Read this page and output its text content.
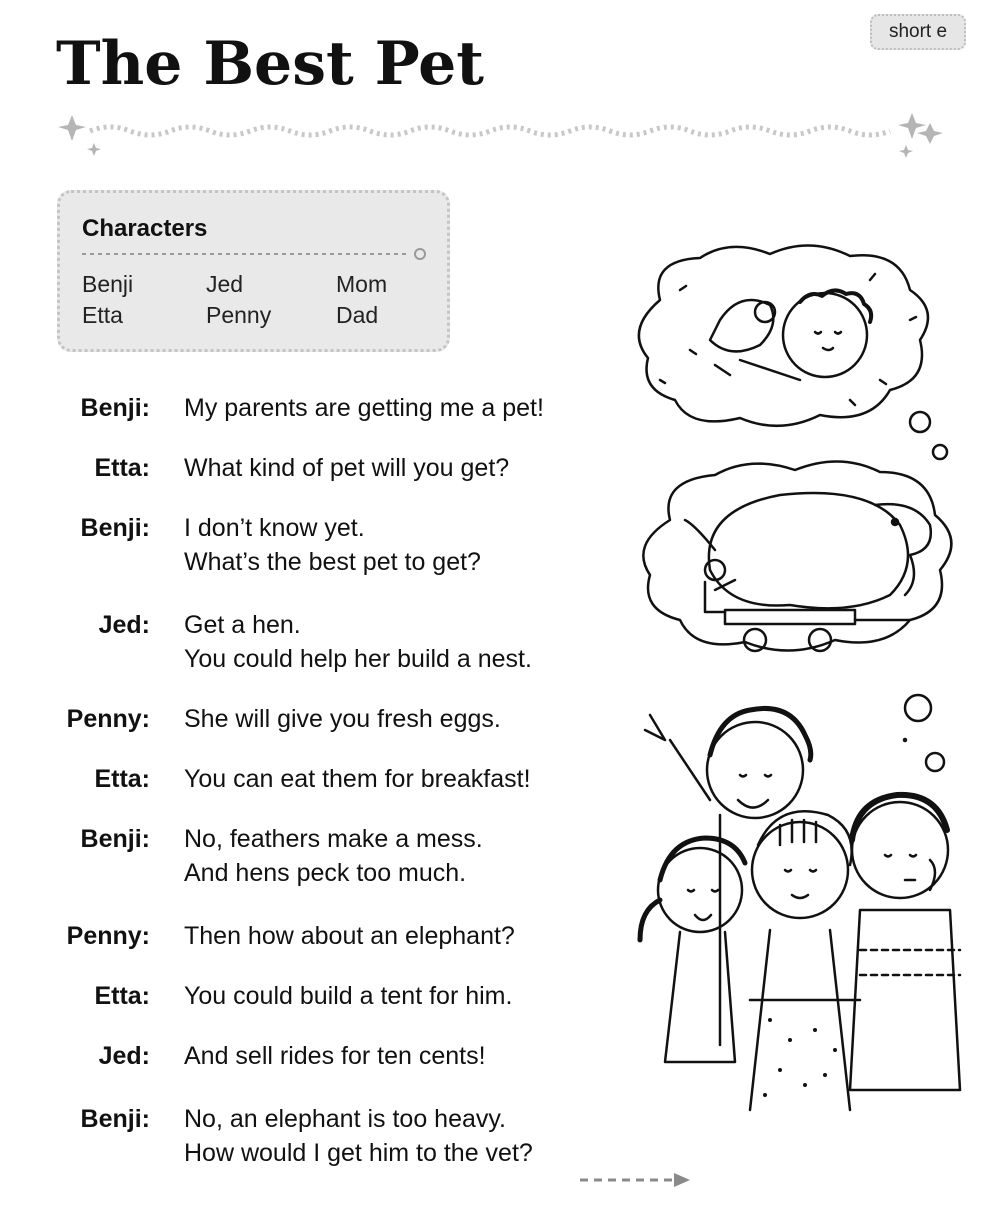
The Best Pet	short e
Characters
Benji	Jed	Mom
Etta	Penny	Dad
Benji: My parents are getting me a pet!
Etta: What kind of pet will you get?
Benji: I don’t know yet.
What’s the best pet to get?
Jed: Get a hen.
You could help her build a nest.
Penny: She will give you fresh eggs.
Etta: You can eat them for breakfast!
Benji: No, feathers make a mess.
And hens peck too much.
Penny: Then how about an elephant?
Etta: You could build a tent for him.
Jed: And sell rides for ten cents!
Benji: No, an elephant is too heavy.
How would I get him to the vet?
